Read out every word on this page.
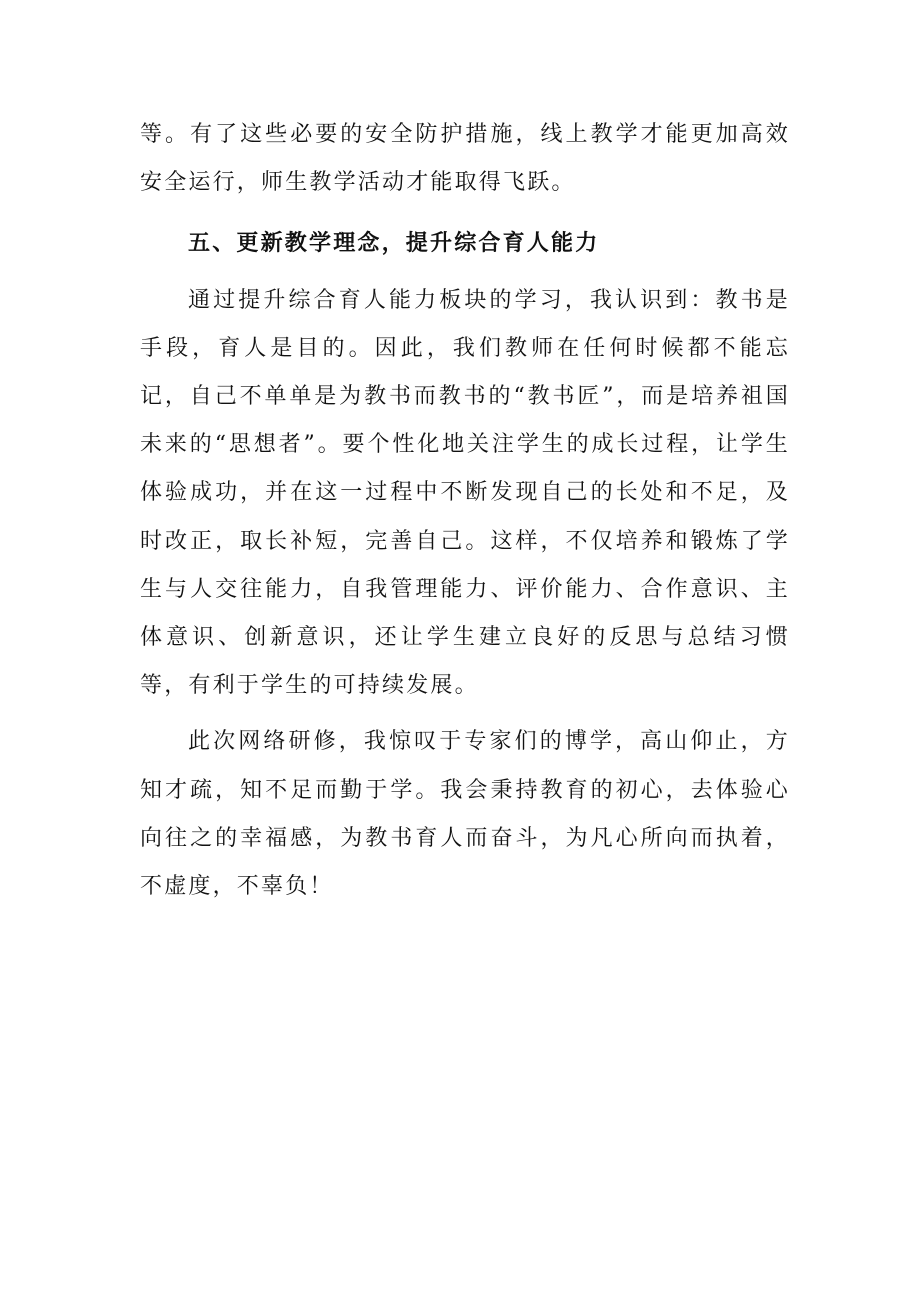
等。有了这些必要的安全防护措施，线上教学才能更加高效安全运行，师生教学活动才能取得飞跃。

五、更新教学理念，提升综合育人能力

通过提升综合育人能力板块的学习，我认识到：教书是手段，育人是目的。因此，我们教师在任何时候都不能忘记，自己不单单是为教书而教书的“教书匠”，而是培养祖国未来的“思想者”。要个性化地关注学生的成长过程，让学生体验成功，并在这一过程中不断发现自己的长处和不足，及时改正，取长补短，完善自己。这样，不仅培养和锻炼了学生与人交往能力，自我管理能力、评价能力、合作意识、主体意识、创新意识，还让学生建立良好的反思与总结习惯等，有利于学生的可持续发展。

此次网络研修，我惊叹于专家们的博学，高山仰止，方知才疏，知不足而勤于学。我会秉持教育的初心，去体验心向往之的幸福感，为教书育人而奋斗，为凡心所向而执着，不虚度，不辜负！
